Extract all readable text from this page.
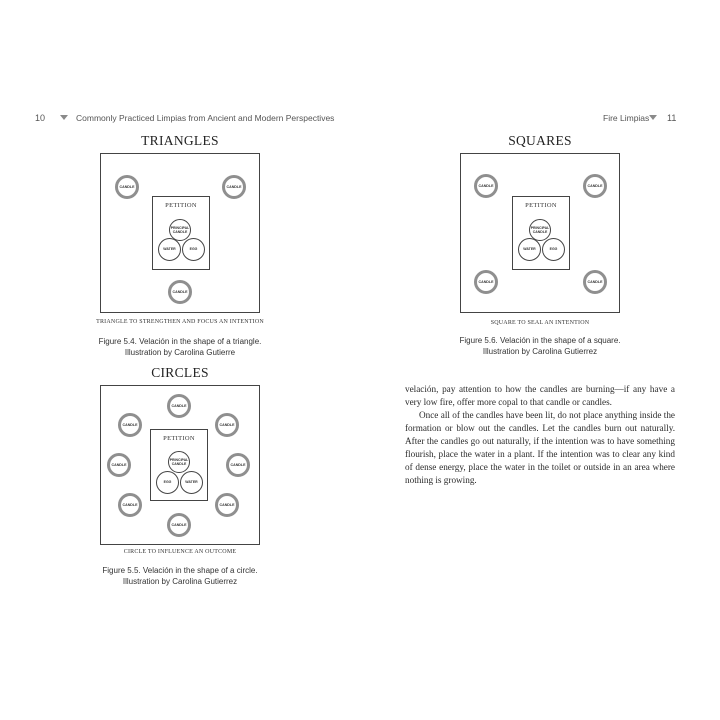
10	Commonly Practiced Limpias from Ancient and Modern Perspectives
TRIANGLES
CANDLE	CANDLE
CANDLE
PETITION
PRINCIPAL CANDLE
WATER	EGG
TRIANGLE TO STRENGTHEN AND FOCUS AN INTENTION
Figure 5.4. Velación in the shape of a triangle.
Illustration by Carolina Gutierre
CIRCLES
CANDLE
CANDLE	CANDLE
CANDLE	CANDLE
CANDLE	CANDLE
CANDLE
PETITION
PRINCIPAL CANDLE
EGG	WATER
CIRCLE TO INFLUENCE AN OUTCOME
Figure 5.5. Velación in the shape of a circle.
Illustration by Carolina Gutierrez
Fire Limpias 11
SQUARES
CANDLE	CANDLE
CANDLE	CANDLE
PETITION
PRINCIPAL CANDLE
WATER	EGG
SQUARE TO SEAL AN INTENTION
Figure 5.6. Velación in the shape of a square.
Illustration by Carolina Gutierrez

velación, pay attention to how the candles are burning—if any have a very low fire, offer more copal to that candle or candles.

Once all of the candles have been lit, do not place anything inside the formation or blow out the candles. Let the candles burn out naturally. After the candles go out naturally, if the intention was to have something flourish, place the water in a plant. If the intention was to clear any kind of dense energy, place the water in the toilet or outside in an area where nothing is growing.
